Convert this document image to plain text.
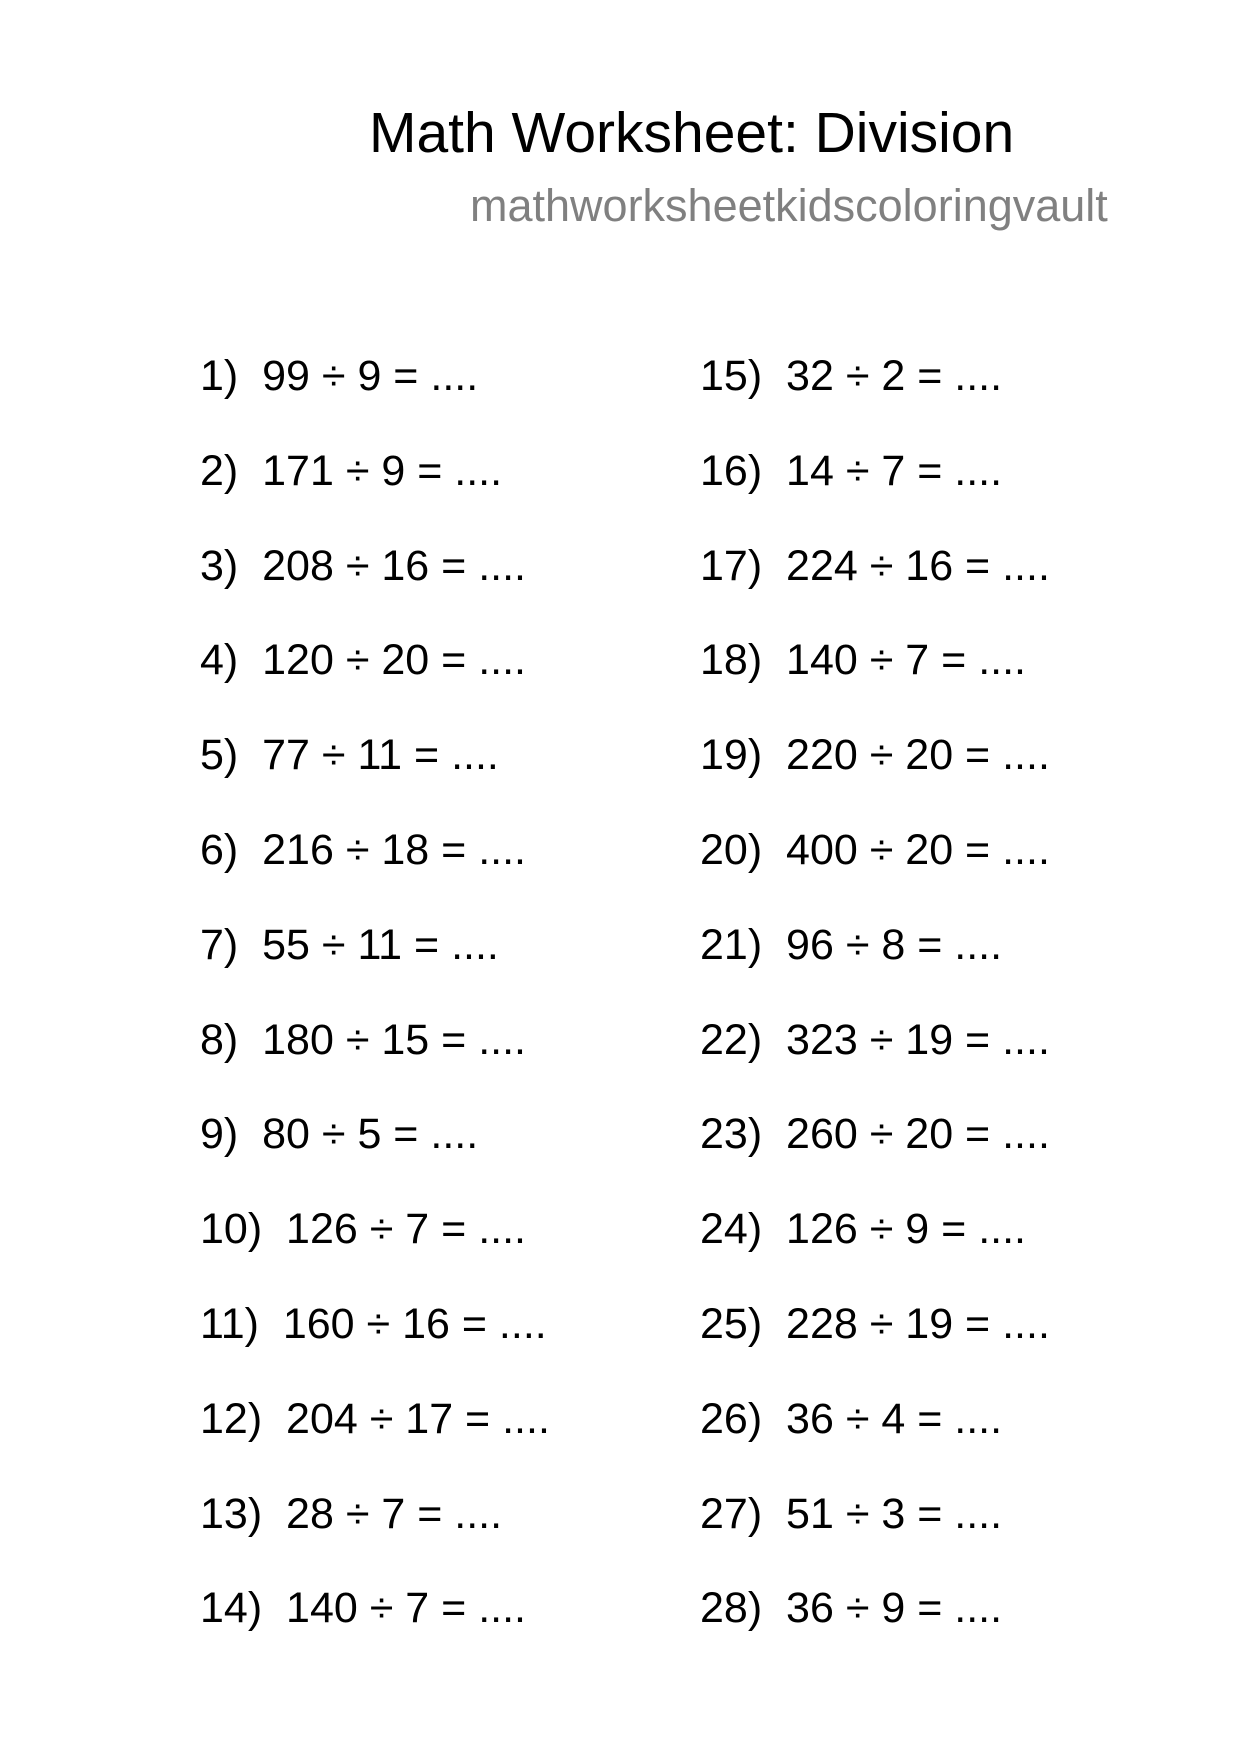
Math Worksheet: Division
mathworksheetkidscoloringvault
1)  99 ÷ 9 = ....
2)  171 ÷ 9 = ....
3)  208 ÷ 16 = ....
4)  120 ÷ 20 = ....
5)  77 ÷ 11 = ....
6)  216 ÷ 18 = ....
7)  55 ÷ 11 = ....
8)  180 ÷ 15 = ....
9)  80 ÷ 5 = ....
10)  126 ÷ 7 = ....
11)  160 ÷ 16 = ....
12)  204 ÷ 17 = ....
13)  28 ÷ 7 = ....
14)  140 ÷ 7 = ....
15)  32 ÷ 2 = ....
16)  14 ÷ 7 = ....
17)  224 ÷ 16 = ....
18)  140 ÷ 7 = ....
19)  220 ÷ 20 = ....
20)  400 ÷ 20 = ....
21)  96 ÷ 8 = ....
22)  323 ÷ 19 = ....
23)  260 ÷ 20 = ....
24)  126 ÷ 9 = ....
25)  228 ÷ 19 = ....
26)  36 ÷ 4 = ....
27)  51 ÷ 3 = ....
28)  36 ÷ 9 = ....
